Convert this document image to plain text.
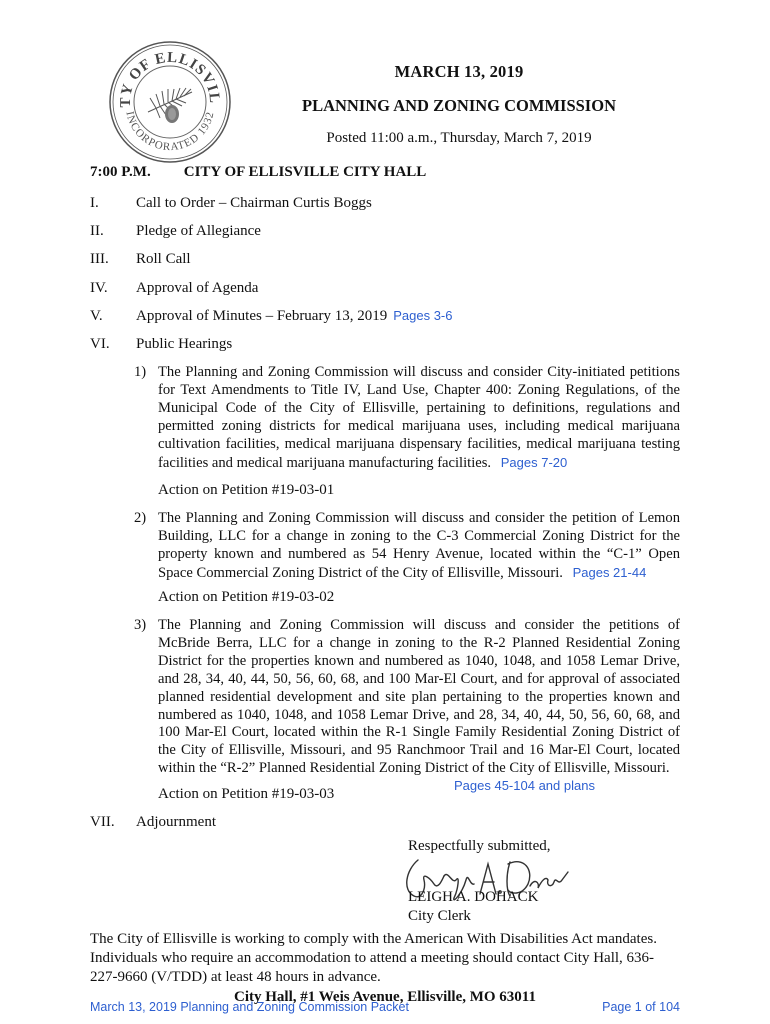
TY OF ELLISVIL
INCORPORATED 1932
MARCH 13, 2019
PLANNING AND ZONING COMMISSION
Posted 11:00 a.m., Thursday, March 7, 2019
7:00 P.M. CITY OF ELLISVILLE CITY HALL
I. Call to Order – Chairman Curtis Boggs
II. Pledge of Allegiance
III. Roll Call
IV. Approval of Agenda
V. Approval of Minutes – February 13, 2019 Pages 3-6
VI. Public Hearings
1) The Planning and Zoning Commission will discuss and consider City-initiated petitions for Text Amendments to Title IV, Land Use, Chapter 400: Zoning Regulations, of the Municipal Code of the City of Ellisville, pertaining to definitions, regulations and permitted zoning districts for medical marijuana uses, including medical marijuana cultivation facilities, medical marijuana dispensary facilities, medical marijuana testing facilities and medical marijuana manufacturing facilities. Pages 7-20
Action on Petition #19-03-01
2) The Planning and Zoning Commission will discuss and consider the petition of Lemon Building, LLC for a change in zoning to the C-3 Commercial Zoning District for the property known and numbered as 54 Henry Avenue, located within the “C-1” Open Space Commercial Zoning District of the City of Ellisville, Missouri. Pages 21-44
Action on Petition #19-03-02
3) The Planning and Zoning Commission will discuss and consider the petitions of McBride Berra, LLC for a change in zoning to the R-2 Planned Residential Zoning District for the properties known and numbered as 1040, 1048, and 1058 Lemar Drive, and 28, 34, 40, 44, 50, 56, 60, 68, and 100 Mar-El Court, and for approval of associated planned residential development and site plan pertaining to the properties known and numbered as 1040, 1048, and 1058 Lemar Drive, and 28, 34, 40, 44, 50, 56, 60, 68, and 100 Mar-El Court, located within the R-1 Single Family Residential Zoning District of the City of Ellisville, Missouri, and 95 Ranchmoor Trail and 16 Mar-El Court, located within the “R-2” Planned Residential Zoning District of the City of Ellisville, Missouri.
Pages 45-104 and plans
Action on Petition #19-03-03
VII. Adjournment
Respectfully submitted,
LEIGH A. DOHACK
City Clerk
The City of Ellisville is working to comply with the American With Disabilities Act mandates. Individuals who require an accommodation to attend a meeting should contact City Hall, 636-227-9660 (V/TDD) at least 48 hours in advance.
City Hall, #1 Weis Avenue, Ellisville, MO 63011
March 13, 2019 Planning and Zoning Commission Packet	Page 1 of 104
